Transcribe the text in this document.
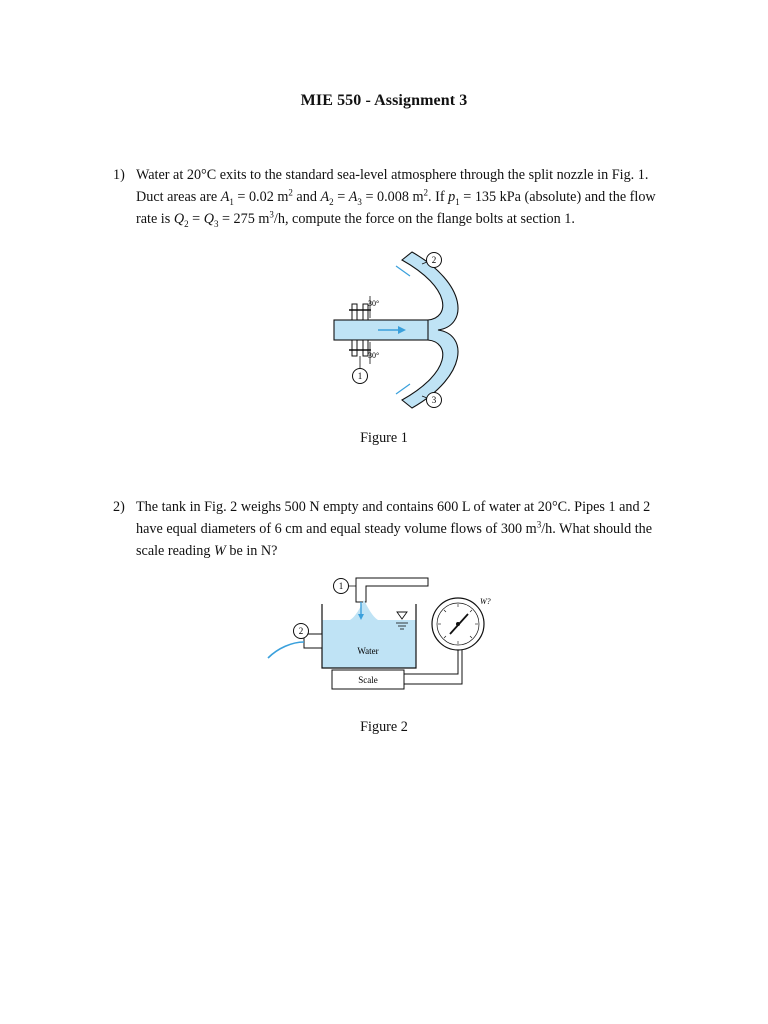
MIE 550 - Assignment 3
1) Water at 20°C exits to the standard sea-level atmosphere through the split nozzle in Fig. 1. Duct areas are $A_1 = 0.02$ $m^2$ and $A_2 = A_3 = 0.008$ $m^2$. If $p_1 = 135$ kPa (absolute) and the flow rate is $Q_2 = Q_3 = 275$ $m^3/h$, compute the force on the flange bolts at section 1.
30°
30°
1
2
3
Figure 1
2) The tank in Fig. 2 weighs 500 N empty and contains 600 L of water at 20°C. Pipes 1 and 2 have equal diameters of 6 cm and equal steady volume flows of 300 $m^3/h$. What should the scale reading W be in N?
1
2
Water
Scale
W?
Figure 2
